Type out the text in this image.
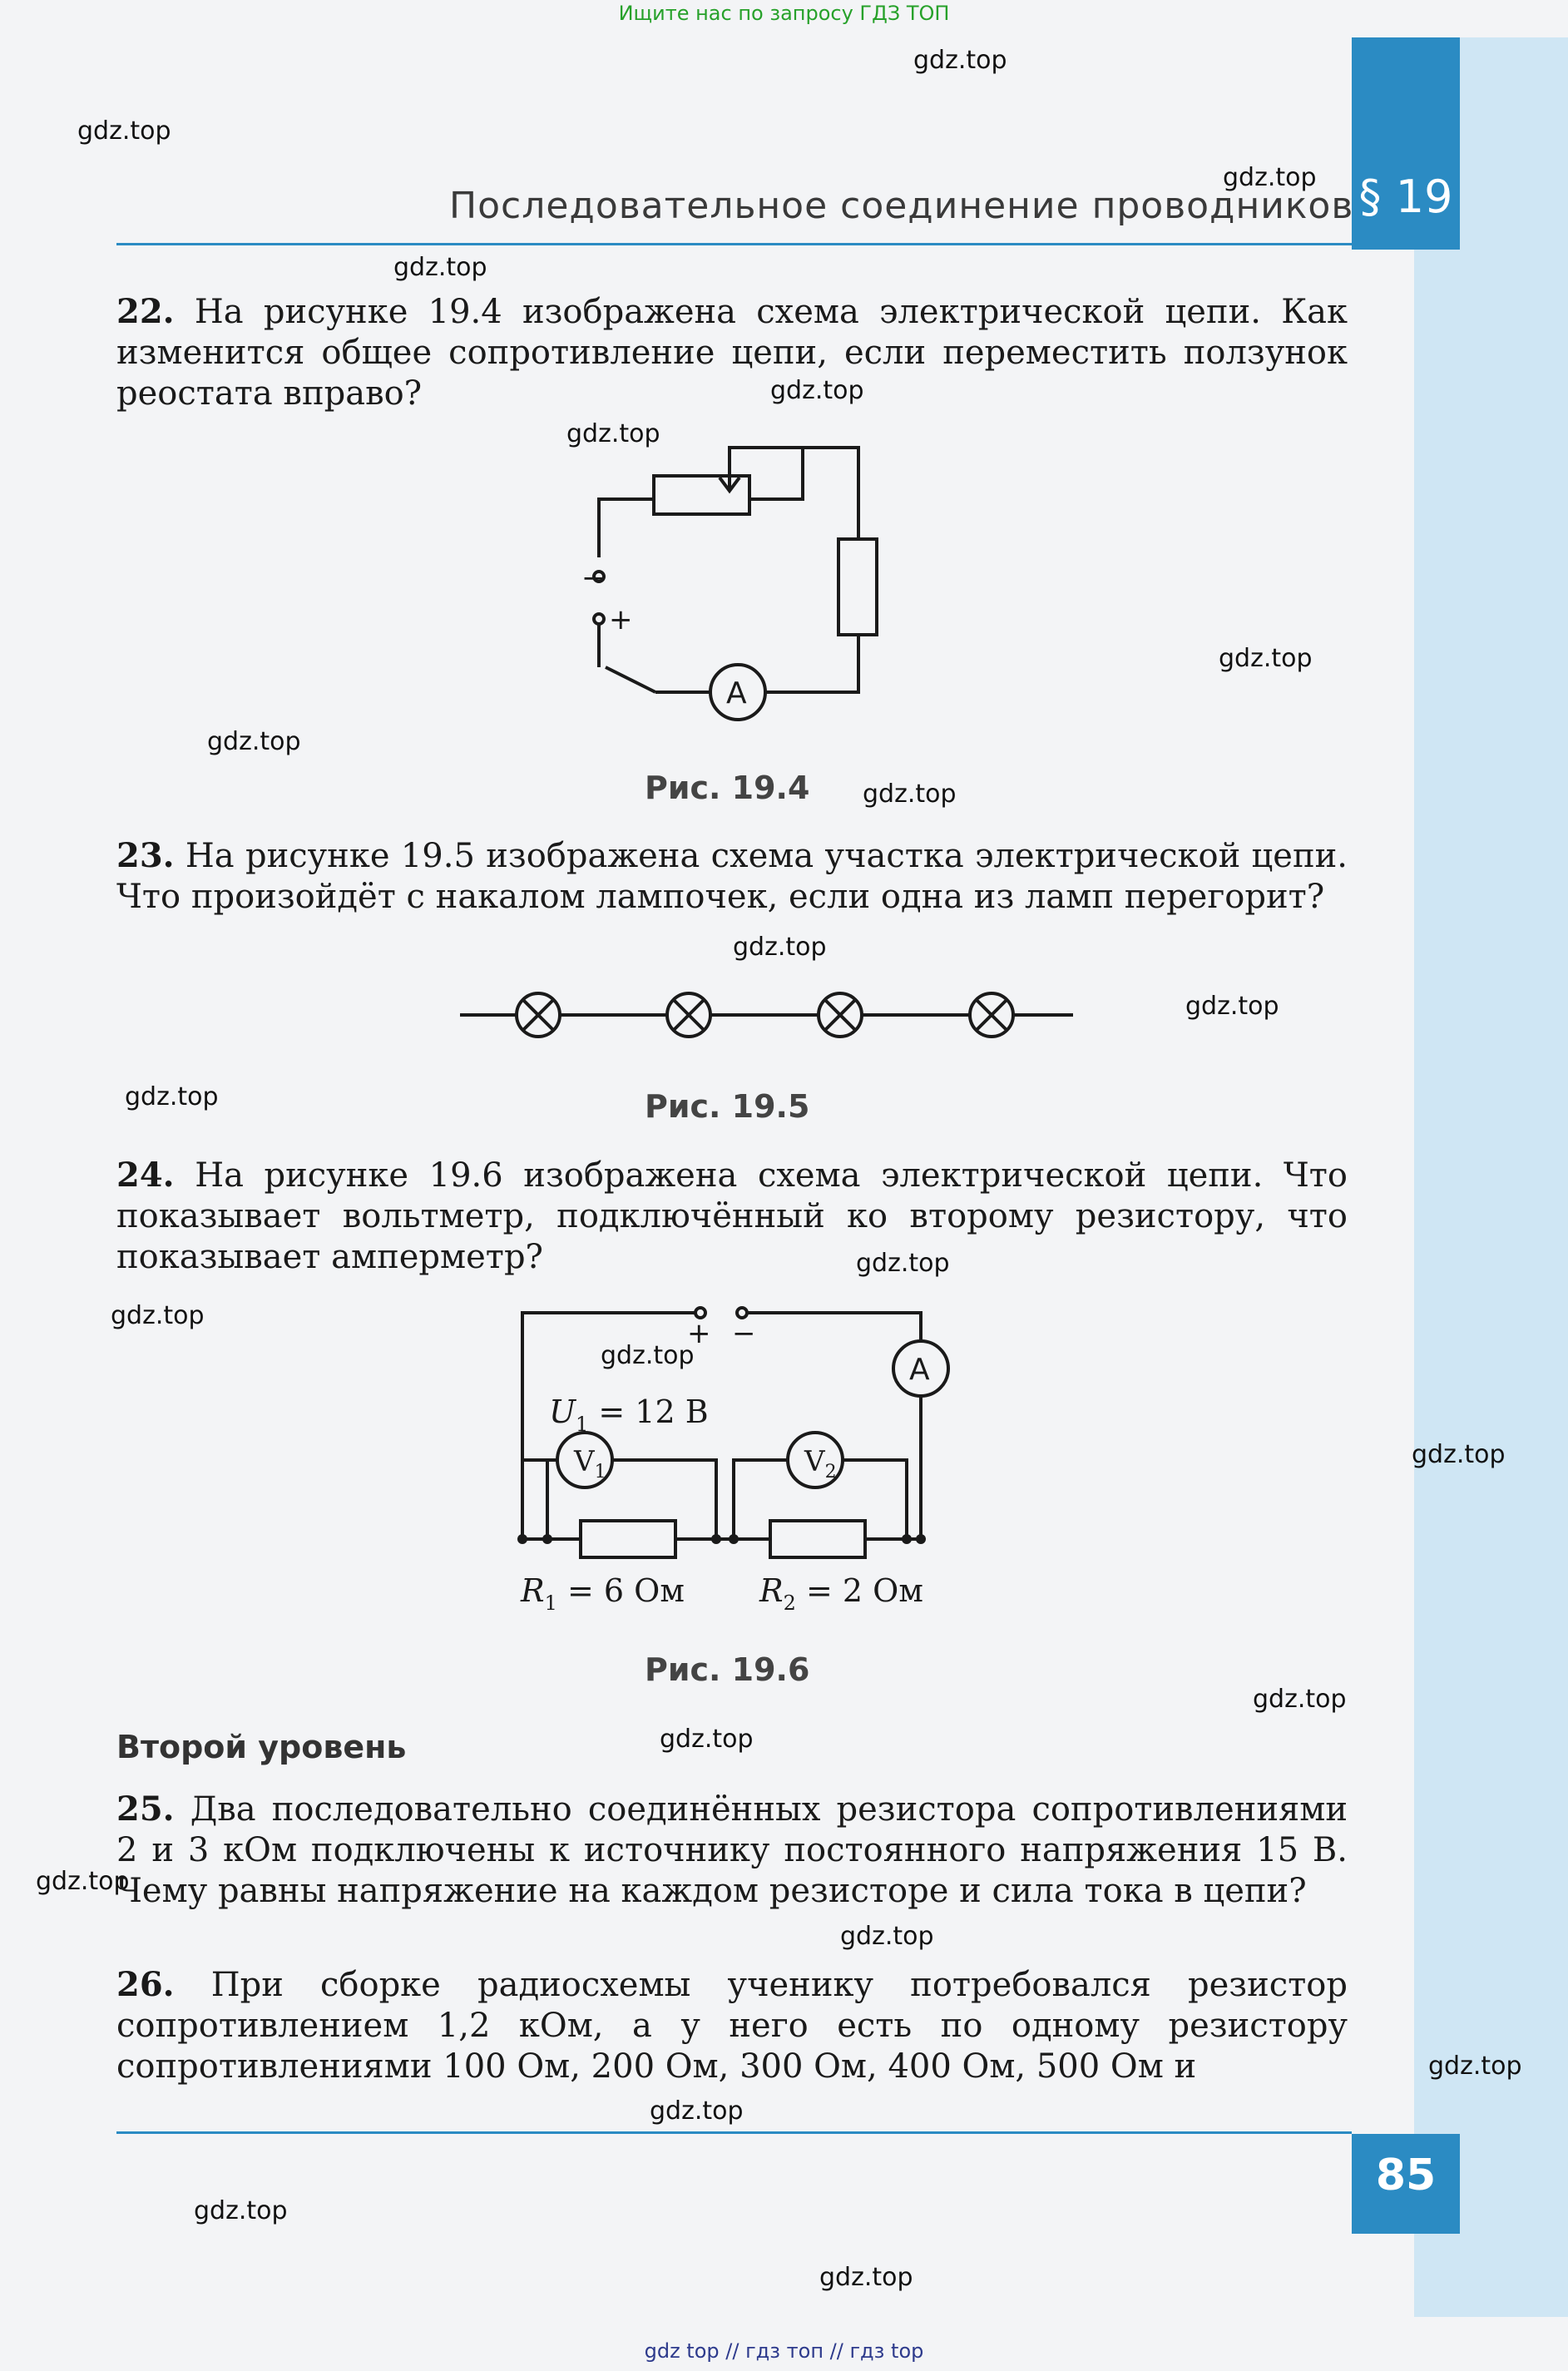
§ 19
85
Ищите нас по запросу ГДЗ ТОП
gdz top // гдз топ // гдз top
Последовательное соединение проводников
gdz.top
gdz.top
gdz.top
gdz.top
gdz.top
gdz.top
gdz.top
gdz.top
gdz.top
gdz.top
gdz.top
gdz.top
gdz.top
gdz.top
gdz.top
gdz.top
gdz.top
gdz.top
gdz.top
gdz.top
gdz.top
gdz.top
gdz.top
gdz.top
22. На рисунке 19.4 изображена схема электрической цепи. Как изменится общее сопротивление цепи, если переместить ползунок реостата вправо?
23. На рисунке 19.5 изображена схема участка электрической цепи. Что произойдёт с накалом лампочек, если одна из ламп перегорит?
24. На рисунке 19.6 изображена схема электрической цепи. Что показывает вольтметр, подключённый ко второму резистору, что показывает амперметр?
Второй уровень
25. Два последовательно соединённых резистора сопротивлениями 2 и 3 кОм подключены к источнику постоянного напряжения 15 В. Чему равны напряжение на каждом резисторе и сила тока в цепи?
26. При сборке радиосхемы ученику потребовался резистор сопротивлением 1,2 кОм, а у него есть по одному резистору сопротивлениями 100 Ом, 200 Ом, 300 Ом, 400 Ом, 500 Ом и
Рис. 19.4
Рис. 19.5
Рис. 19.6
−
+
A
+ −
A
$U_1 = 12$ В
$V_1$	$V_2$
$R_1 = 6$ Ом $R_2 = 2$ Ом
